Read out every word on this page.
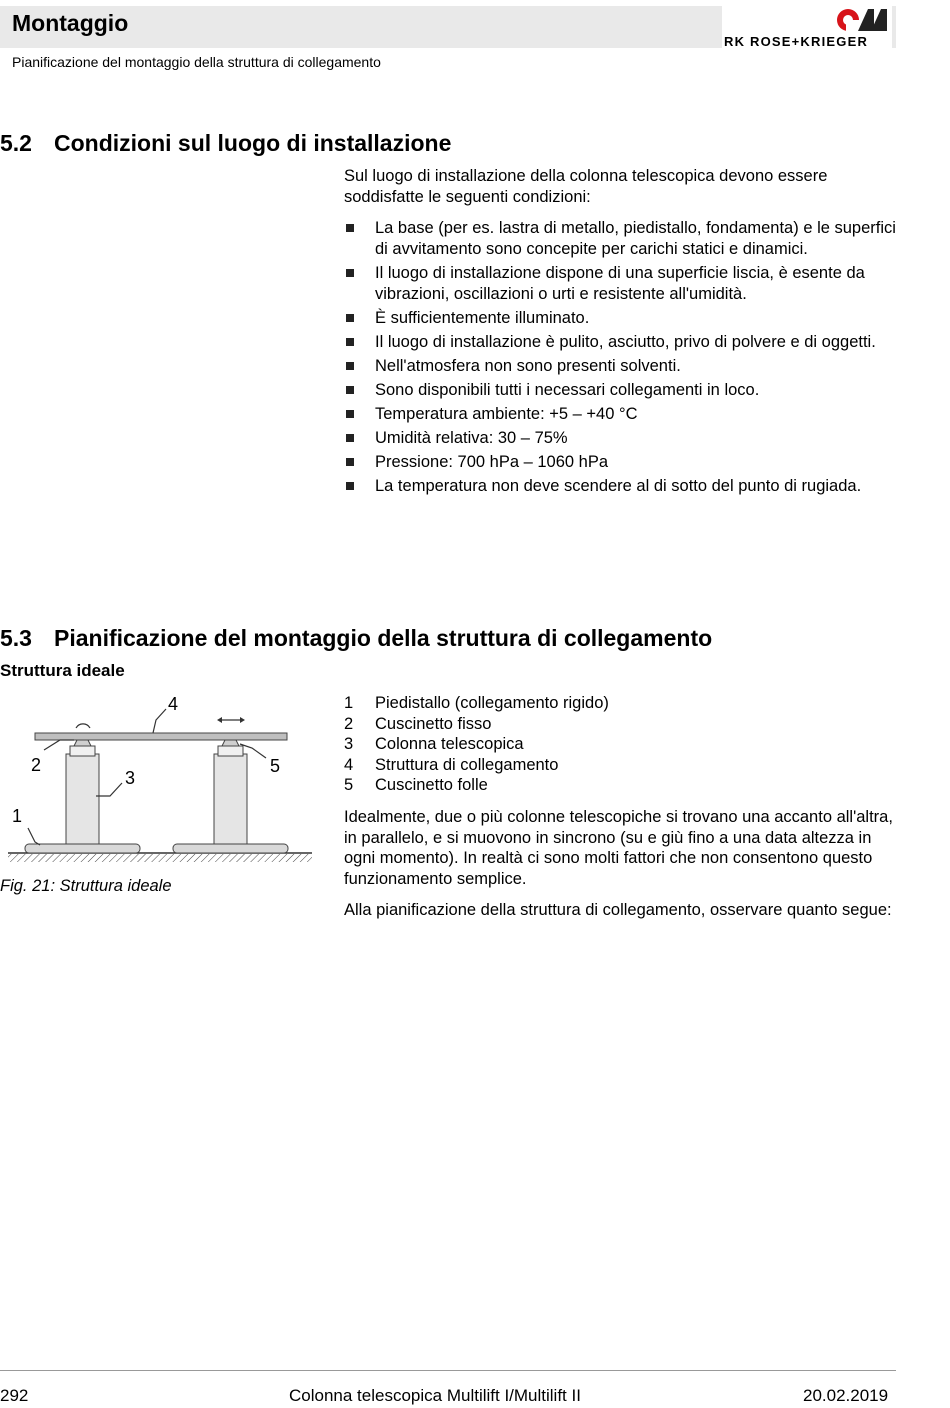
Montaggio
Pianificazione del montaggio della struttura di collegamento
RK ROSE+KRIEGER
5.2 Condizioni sul luogo di installazione
Sul luogo di installazione della colonna telescopica devono essere soddisfatte le seguenti condizioni:
La base (per es. lastra di metallo, piedistallo, fondamenta) e le superfici di avvitamento sono concepite per carichi statici e dinamici.
Il luogo di installazione dispone di una superficie liscia, è esente da vibrazioni, oscillazioni o urti e resistente all'umidità.
È sufficientemente illuminato.
Il luogo di installazione è pulito, asciutto, privo di polvere e di oggetti.
Nell'atmosfera non sono presenti solventi.
Sono disponibili tutti i necessari collegamenti in loco.
Temperatura ambiente: +5 – +40 °C
Umidità relativa: 30 – 75%
Pressione: 700 hPa – 1060 hPa
La temperatura non deve scendere al di sotto del punto di rugiada.
5.3 Pianificazione del montaggio della struttura di collegamento
Struttura ideale
1
2
3
4
5
Fig. 21: Struttura ideale
1	Piedistallo (collegamento rigido)
2	Cuscinetto fisso
3	Colonna telescopica
4	Struttura di collegamento
5	Cuscinetto folle

Idealmente, due o più colonne telescopiche si trovano una accanto all'altra, in parallelo, e si muovono in sincrono (su e giù fino a una data altezza in ogni momento). In realtà ci sono molti fattori che non consentono questo funzionamento semplice.

Alla pianificazione della struttura di collegamento, osservare quanto segue:

292	Colonna telescopica Multilift I/Multilift II	20.02.2019
